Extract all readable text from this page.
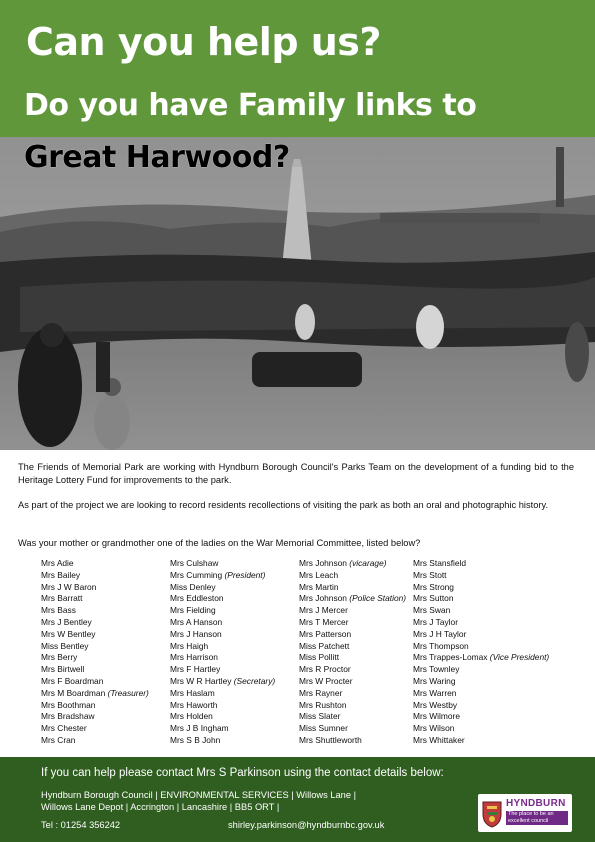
Can you help us?
Do you have Family links to
Great Harwood?

The Friends of Memorial Park are working with Hyndburn Borough Council's Parks Team on the development of a funding bid to the Heritage Lottery Fund for improvements to the park.

As part of the project we are looking to record residents recollections of visiting the park as both an oral and photographic history.

Was your mother or grandmother one of the ladies on the War Memorial Committee, listed below?

Mrs Adie
Mrs Bailey
Mrs J W Baron
Mrs Barratt
Mrs Bass
Mrs J Bentley
Mrs W Bentley
Miss Bentley
Mrs Berry
Mrs Birtwell
Mrs F Boardman
Mrs M Boardman (Treasurer)
Mrs Boothman
Mrs Bradshaw
Mrs Chester
Mrs Cran
Mrs Culshaw
Mrs Cumming (President)
Miss Denley
Mrs Eddleston
Mrs Fielding
Mrs A Hanson
Mrs J Hanson
Mrs Haigh
Mrs Harrison
Mrs F Hartley
Mrs W R Hartley (Secretary)
Mrs Haslam
Mrs Haworth
Mrs Holden
Mrs J B Ingham
Mrs S B John
Mrs Johnson (vicarage)
Mrs Leach
Mrs Martin
Mrs Johnson (Police Station)
Mrs J Mercer
Mrs T Mercer
Mrs Patterson
Miss Patchett
Miss Pollitt
Mrs R Proctor
Mrs W Procter
Mrs Rayner
Mrs Rushton
Miss Slater
Miss Sumner
Mrs Shuttleworth
Mrs Stansfield
Mrs Stott
Mrs Strong
Mrs Sutton
Mrs Swan
Mrs J Taylor
Mrs J H Taylor
Mrs Thompson
Mrs Trappes-Lomax (Vice President)
Mrs Townley
Mrs Waring
Mrs Warren
Mrs Westby
Mrs Wilmore
Mrs Wilson
Mrs Whittaker
If you can help please contact Mrs S Parkinson using the contact details below:
Hyndburn Borough Council | ENVIRONMENTAL SERVICES | Willows Lane |
Willows Lane Depot | Accrington | Lancashire | BB5 ORT |
Tel : 01254 356242	shirley.parkinson@hyndburnbc.gov.uk
HYNDBURN
The place to be an excellent council
